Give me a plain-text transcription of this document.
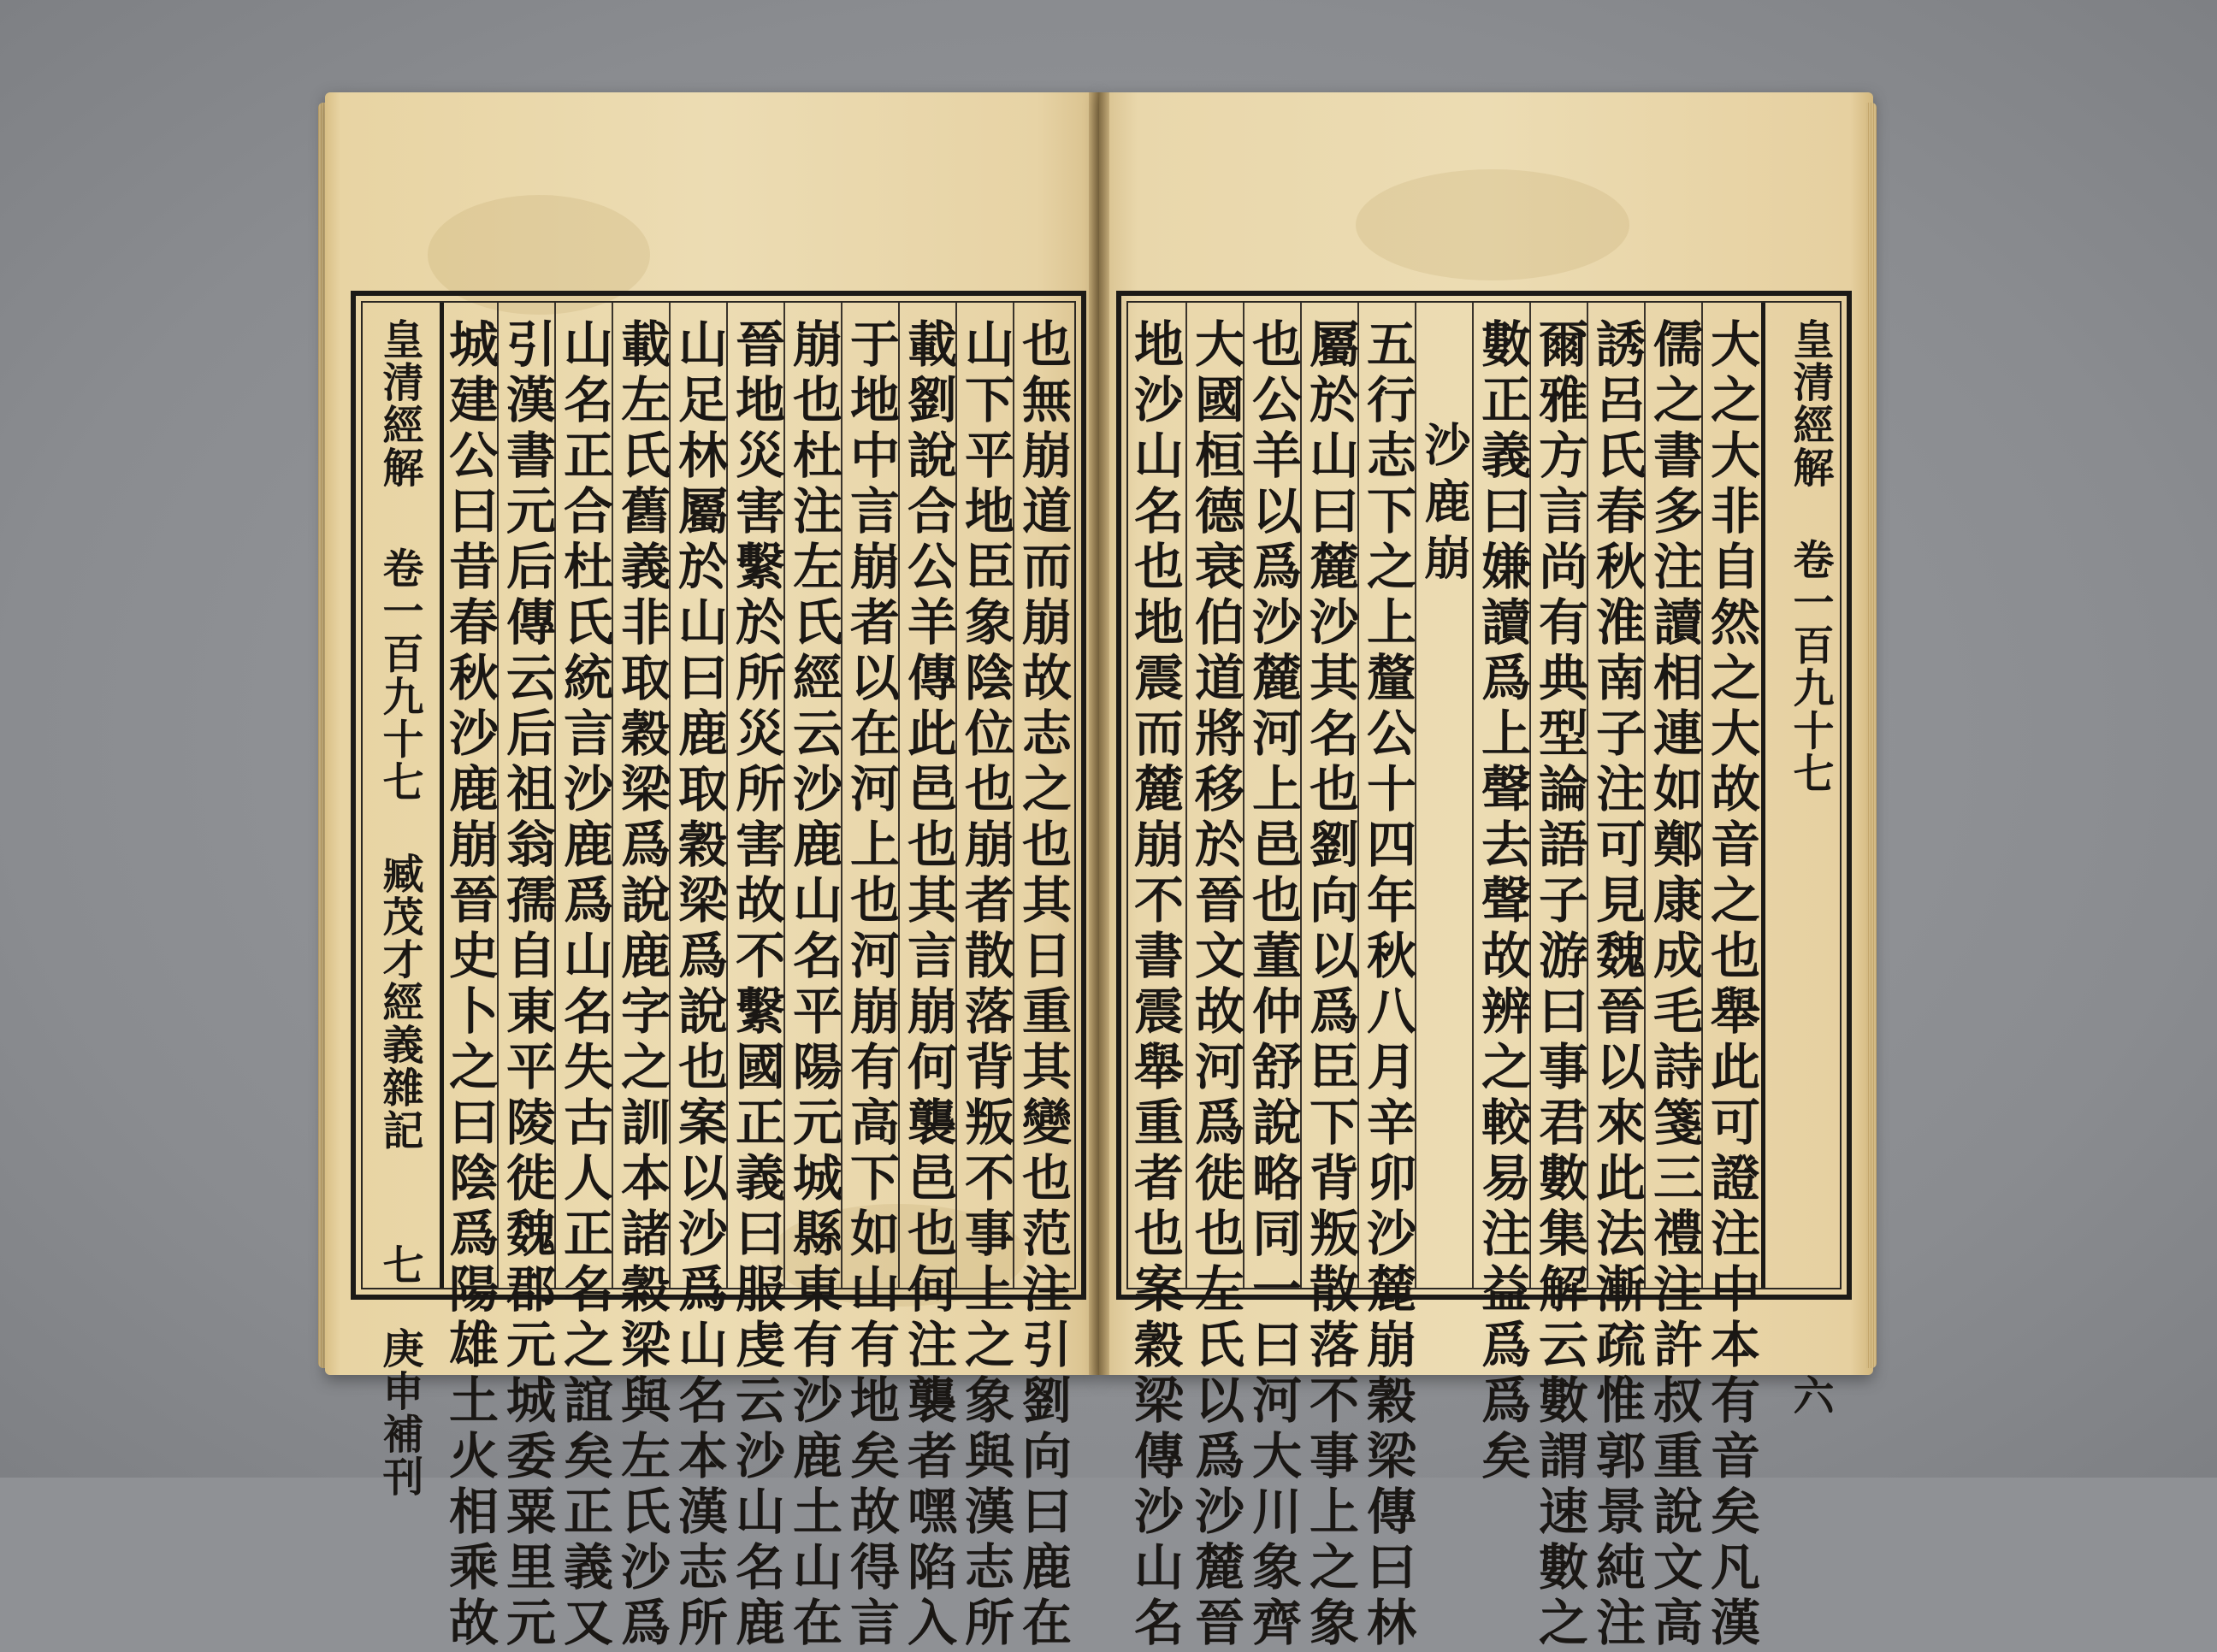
皇清經解  卷一百九十七  臧茂才經義雜記  七  庚申補刊	也無崩道而崩故志之也其日重其變也范注引劉向曰鹿在
山下平地臣象陰位也崩者散落背叛不事上之象與漢志所
載劉說合公羊傳此邑也其言崩何襲邑也何注襲者嘿陷入
于地中言崩者以在河上也河崩有高下如山有地矣故得言
崩也杜注左氏經云沙鹿山名平陽元城縣東有沙鹿土山在
晉地災害繫於所災所害故不繫國正義曰服虔云沙山名鹿
山足林屬於山曰鹿取穀梁爲說也案以沙爲山名本漢志所
載左氏舊義非取穀梁爲說鹿字之訓本諸穀梁與左氏沙爲
山名正合杜氏統言沙鹿爲山名失古人正名之誼矣正義又
引漢書元后傳云后祖翁孺自東平陵徙魏郡元城委粟里元
城建公曰昔春秋沙鹿崩晉史卜之曰陰爲陽雄土火相乘故	大之大非自然之大故音之也舉此可證注中本有音矣凡漢
儒之書多注讀相連如鄭康成毛詩箋三禮注許叔重說文高
誘呂氏春秋淮南子注可見魏晉以來此法漸疏惟郭景純注
爾雅方言尚有典型論語子游曰事君數集解云數謂速數之
數正義曰嫌讀爲上聲去聲故辨之較易注益爲爲矣
沙鹿崩
五行志下之上釐公十四年秋八月辛卯沙麓崩穀梁傳曰林
屬於山曰麓沙其名也劉向以爲臣下背叛散落不事上之象
也公羊以爲沙麓河上邑也董仲舒說略同一曰河大川象齊
大國桓德衰伯道將移於晉文故河爲徙也左氏以爲沙麓晉
地沙山名也地震而麓崩不書震舉重者也案穀梁傳沙山名	皇清經解  卷一百九十七  六
